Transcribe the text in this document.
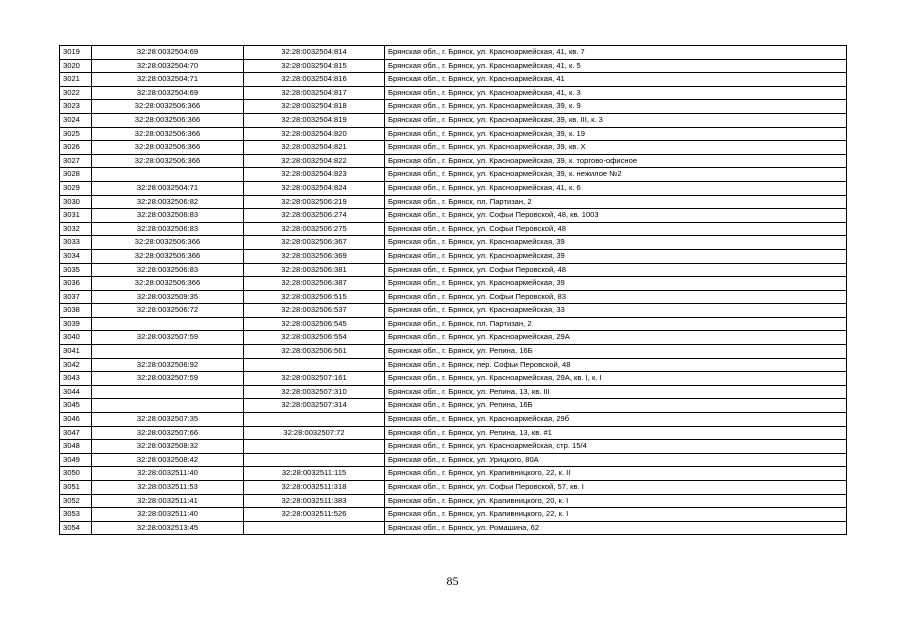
3019	32:28:0032504:69	32:28:0032504:814	Брянская обл., г. Брянск, ул. Красноармейская, 41, кв. 7
3020	32:28:0032504:70	32:28:0032504:815	Брянская обл., г. Брянск, ул. Красноармейская, 41, к. 5
3021	32:28:0032504:71	32:28:0032504:816	Брянская обл., г. Брянск, ул. Красноармейская, 41
3022	32:28:0032504:69	32:28:0032504:817	Брянская обл., г. Брянск, ул. Красноармейская, 41, к. 3
3023	32:28:0032506:366	32:28:0032504:818	Брянская обл., г. Брянск, ул. Красноармейская, 39, к. 9
3024	32:28:0032506:366	32:28:0032504:819	Брянская обл., г. Брянск, ул. Красноармейская, 39, кв. III, к. 3
3025	32:28:0032506:366	32:28:0032504:820	Брянская обл., г. Брянск, ул. Красноармейская, 39, к. 19
3026	32:28:0032506:366	32:28:0032504:821	Брянская обл., г. Брянск, ул. Красноармейская, 39, кв. X
3027	32:28:0032506:366	32:28:0032504:822	Брянская обл., г. Брянск, ул. Красноармейская, 39, к. торгово-офисное
3028		32:28:0032504:823	Брянская обл., г. Брянск, ул. Красноармейская, 39, к. нежилое №2
3029	32:28:0032504:71	32:28:0032504:824	Брянская обл., г. Брянск, ул. Красноармейская, 41, к. 6
3030	32:28:0032506:82	32:28:0032506:219	Брянская обл., г. Брянск, пл. Партизан, 2
3031	32:28:0032506:83	32:28:0032506:274	Брянская обл., г. Брянск, ул. Софьи Перовской, 48, кв. 1003
3032	32:28:0032506:83	32:28:0032506:275	Брянская обл., г. Брянск, ул. Софьи Перовской, 48
3033	32:28:0032506:366	32:28:0032506:367	Брянская обл., г. Брянск, ул. Красноармейская, 39
3034	32:28:0032506:366	32:28:0032506:369	Брянская обл., г. Брянск, ул. Красноармейская, 39
3035	32:28:0032506:83	32:28:0032506:381	Брянская обл., г. Брянск, ул. Софьи Перовской, 48
3036	32:28:0032506:366	32:28:0032506:387	Брянская обл., г. Брянск, ул. Красноармейская, 39
3037	32:28:0032509:35	32:28:0032506:515	Брянская обл., г. Брянск, ул. Софьи Перовской, 83
3038	32:28:0032506:72	32:28:0032506:537	Брянская обл., г. Брянск, ул. Красноармейская, 33
3039		32:28:0032506:545	Брянская обл., г. Брянск, пл. Партизан, 2
3040	32:28:0032507:59	32:28:0032506:554	Брянская обл., г. Брянск, ул. Красноармейская, 29А
3041		32:28:0032506:561	Брянская обл., г. Брянск, ул. Репина, 16Б
3042	32:28:0032506:92		Брянская обл., г. Брянск, пер. Софьи Перовской, 48
3043	32:28:0032507:59	32:28:0032507:161	Брянская обл., г. Брянск, ул. Красноармейская, 29А, кв. I, к. I
3044		32:28:0032507:310	Брянская обл., г. Брянск, ул. Репина, 13, кв. III
3045		32:28:0032507:314	Брянская обл., г. Брянск, ул. Репина, 16Б
3046	32:28:0032507:35		Брянская обл., г. Брянск, ул. Красноармейская, 29б
3047	32:28:0032507:66	32:28:0032507:72	Брянская обл., г. Брянск, ул. Репина, 13, кв. #1
3048	32:28:0032508:32		Брянская обл., г. Брянск, ул. Красноармейская, стр. 15/4
3049	32:28:0032508:42		Брянская обл., г. Брянск, ул. Урицкого, 80А
3050	32:28:0032511:40	32:28:0032511:115	Брянская обл., г. Брянск, ул. Крапивницкого, 22, к. II
3051	32:28:0032511:53	32:28:0032511:318	Брянская обл., г. Брянск, ул. Софьи Перовской, 57, кв. I
3052	32:28:0032511:41	32:28:0032511:383	Брянская обл., г. Брянск, ул. Крапивницкого, 20, к. I
3053	32:28:0032511:40	32:28:0032511:526	Брянская обл., г. Брянск, ул. Крапивницкого, 22, к. I
3054	32:28:0032513:45		Брянская обл., г. Брянск, ул. Ромашина, 62
85
